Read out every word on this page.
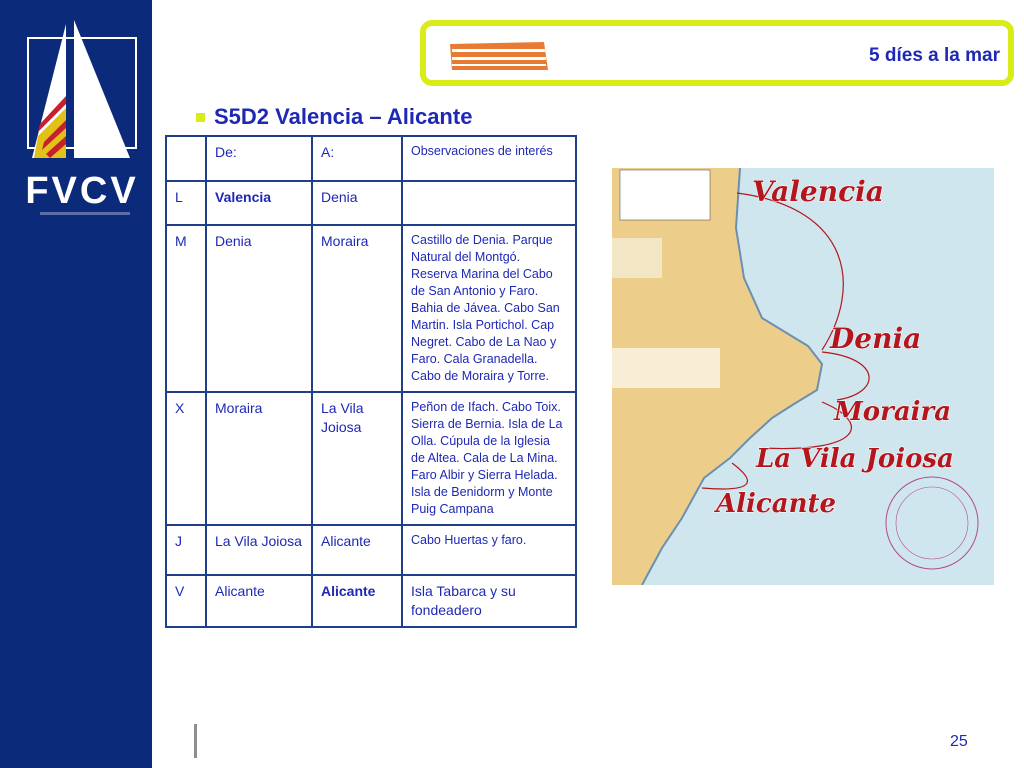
FVCV
5 díes a la mar
S5D2 Valencia – Alicante
	De:	A:	Observaciones de interés
L	Valencia	Denia	
M	Denia	Moraira	Castillo de Denia. Parque Natural del Montgó. Reserva Marina del Cabo de San Antonio y Faro. Bahia de Jávea. Cabo San Martin. Isla Portichol. Cap Negret. Cabo de La Nao y Faro. Cala Granadella. Cabo de Moraira y Torre.
X	Moraira	La Vila Joiosa	Peñon de Ifach. Cabo Toix. Sierra de Bernia. Isla de La Olla. Cúpula de la Iglesia de Altea. Cala de La Mina. Faro Albir y Sierra Helada. Isla de Benidorm y Monte Puig Campana
J	La Vila Joiosa	Alicante	Cabo Huertas y faro.
V	Alicante	Alicante	Isla Tabarca y su fondeadero
Valencia
Denia
Moraira
La Vila Joiosa
Alicante
25
